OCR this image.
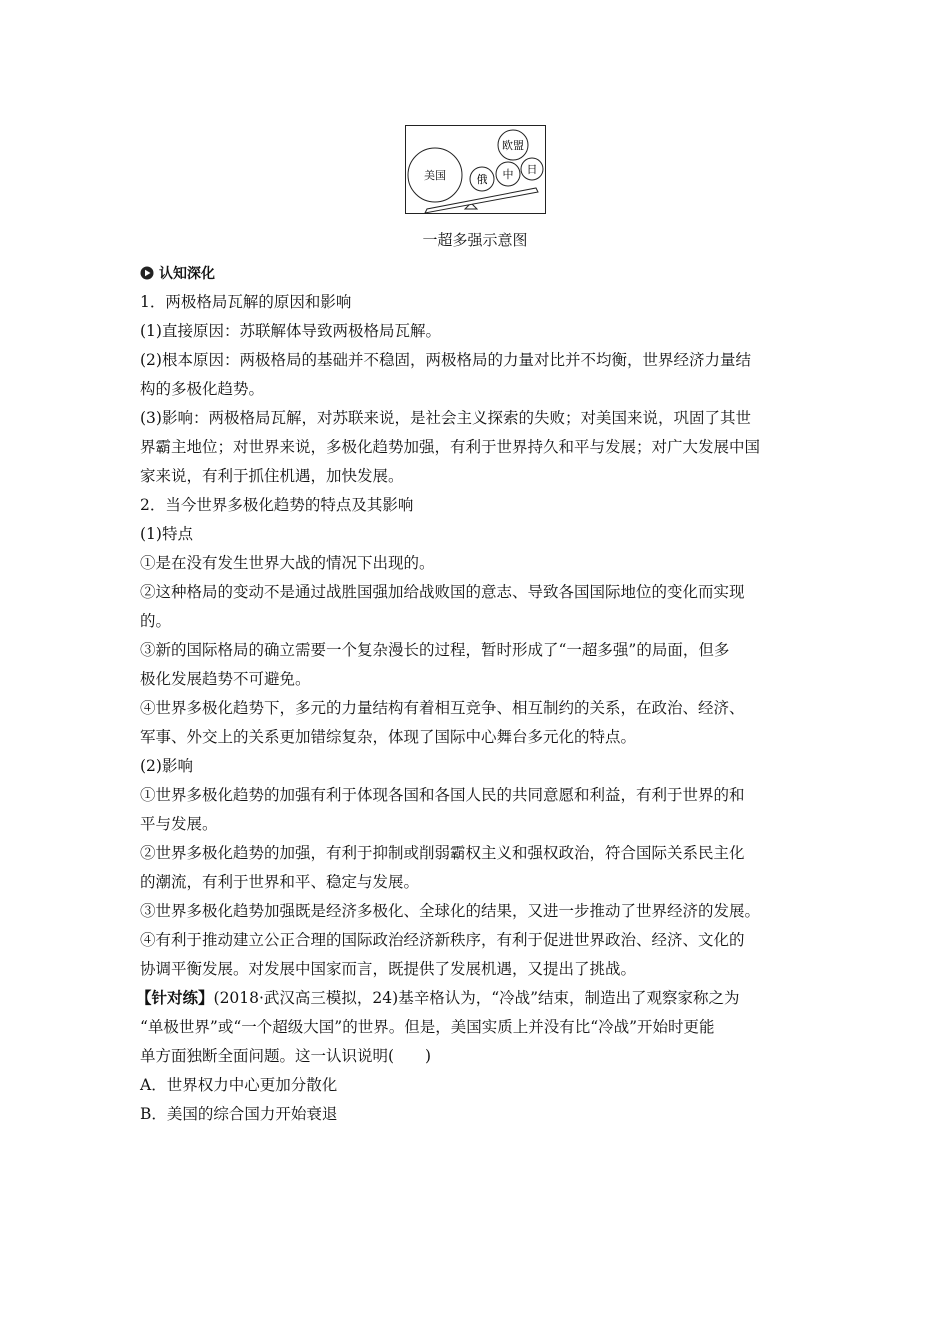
美国	俄 中
欧盟
日
一超多强示意图
认知深化

1．两极格局瓦解的原因和影响

(1)直接原因：苏联解体导致两极格局瓦解。

(2)根本原因：两极格局的基础并不稳固，两极格局的力量对比并不均衡，世界经济力量结

构的多极化趋势。

(3)影响：两极格局瓦解，对苏联来说，是社会主义探索的失败；对美国来说，巩固了其世

界霸主地位；对世界来说，多极化趋势加强，有利于世界持久和平与发展；对广大发展中国

家来说，有利于抓住机遇，加快发展。

2．当今世界多极化趋势的特点及其影响

(1)特点

①是在没有发生世界大战的情况下出现的。

②这种格局的变动不是通过战胜国强加给战败国的意志、导致各国国际地位的变化而实现

的。

③新的国际格局的确立需要一个复杂漫长的过程，暂时形成了“一超多强”的局面，但多

极化发展趋势不可避免。

④世界多极化趋势下，多元的力量结构有着相互竞争、相互制约的关系，在政治、经济、

军事、外交上的关系更加错综复杂，体现了国际中心舞台多元化的特点。

(2)影响

①世界多极化趋势的加强有利于体现各国和各国人民的共同意愿和利益，有利于世界的和

平与发展。

②世界多极化趋势的加强，有利于抑制或削弱霸权主义和强权政治，符合国际关系民主化

的潮流，有利于世界和平、稳定与发展。

③世界多极化趋势加强既是经济多极化、全球化的结果，又进一步推动了世界经济的发展。

④有利于推动建立公正合理的国际政治经济新秩序，有利于促进世界政治、经济、文化的

协调平衡发展。对发展中国家而言，既提供了发展机遇，又提出了挑战。

【针对练】(2018·武汉高三模拟，24)基辛格认为，“冷战”结束，制造出了观察家称之为

“单极世界”或“一个超级大国”的世界。但是，美国实质上并没有比“冷战”开始时更能

单方面独断全面问题。这一认识说明(　　)

A．世界权力中心更加分散化

B．美国的综合国力开始衰退
